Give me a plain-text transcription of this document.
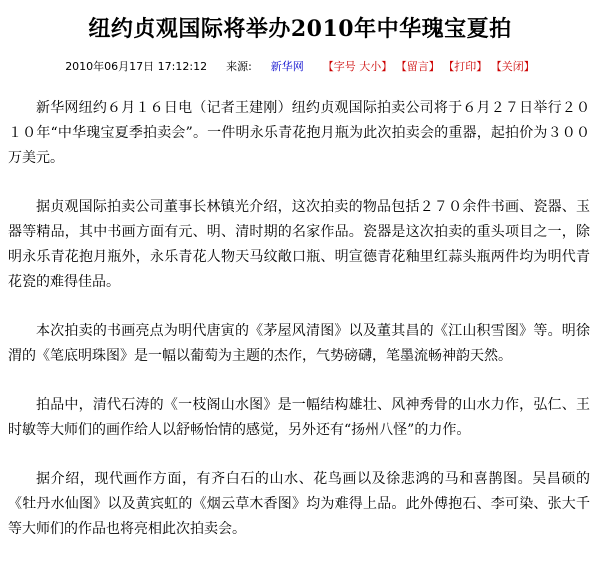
纽约贞观国际将举办2010年中华瑰宝夏拍
2010年06月17日 17:12:12 来源: 新华网 【字号 大小】 【留言】 【打印】 【关闭】

新华网纽约６月１６日电（记者王建刚）纽约贞观国际拍卖公司将于６月２７日举行２０１０年“中华瑰宝夏季拍卖会”。一件明永乐青花抱月瓶为此次拍卖会的重器，起拍价为３００万美元。

据贞观国际拍卖公司董事长林镇光介绍，这次拍卖的物品包括２７０余件书画、瓷器、玉器等精品，其中书画方面有元、明、清时期的名家作品。瓷器是这次拍卖的重头项目之一，除明永乐青花抱月瓶外，永乐青花人物天马纹敞口瓶、明宣德青花釉里红蒜头瓶两件均为明代青花瓷的难得佳品。

本次拍卖的书画亮点为明代唐寅的《茅屋风清图》以及董其昌的《江山积雪图》等。明徐渭的《笔底明珠图》是一幅以葡萄为主题的杰作，气势磅礴，笔墨流畅神韵天然。

拍品中，清代石涛的《一枝阁山水图》是一幅结构雄壮、风神秀骨的山水力作，弘仁、王时敏等大师们的画作给人以舒畅怡情的感觉，另外还有“扬州八怪”的力作。

据介绍，现代画作方面，有齐白石的山水、花鸟画以及徐悲鸿的马和喜鹊图。吴昌硕的《牡丹水仙图》以及黄宾虹的《烟云草木香图》均为难得上品。此外傅抱石、李可染、张大千等大师们的作品也将亮相此次拍卖会。
